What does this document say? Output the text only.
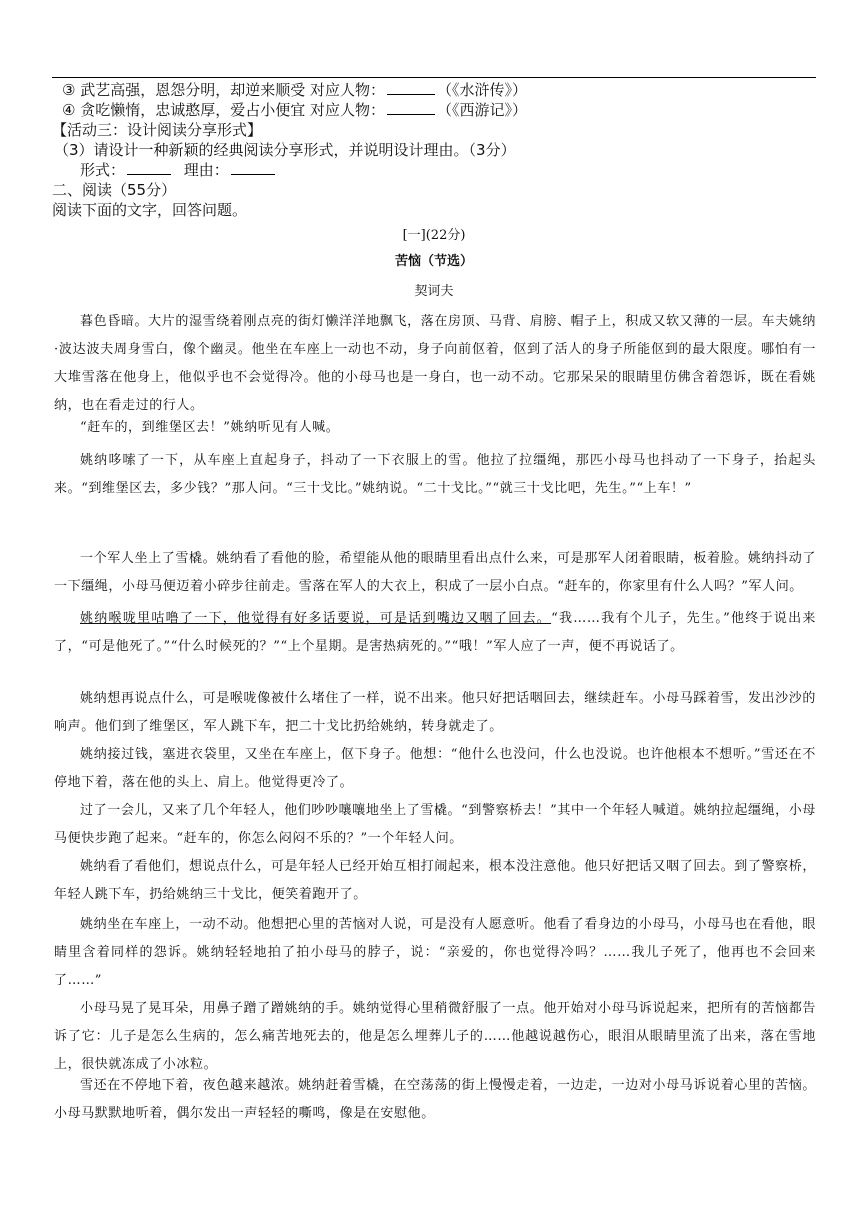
③ 武艺高强，恩怨分明，却逆来顺受 对应人物：	（《水浒传》）
④ 贪吃懒惰，忠诚憨厚，爱占小便宜 对应人物：	（《西游记》）
【活动三：设计阅读分享形式】
（3）请设计一种新颖的经典阅读分享形式，并说明设计理由。（3分）
形式：	理由：
二、阅读（55分）
阅读下面的文字，回答问题。
[一](22分)
苦恼（节选）
契诃夫

暮色昏暗。大片的湿雪绕着刚点亮的街灯懒洋洋地飘飞，落在房顶、马背、肩膀、帽子上，积成又软又薄的一层。车夫姚纳·波达波夫周身雪白，像个幽灵。他坐在车座上一动也不动，身子向前伛着，伛到了活人的身子所能伛到的最大限度。哪怕有一大堆雪落在他身上，他似乎也不会觉得冷。他的小母马也是一身白，也一动不动。它那呆呆的眼睛里仿佛含着怨诉，既在看姚纳，也在看走过的行人。

“赶车的，到维堡区去！”姚纳听见有人喊。

姚纳哆嗦了一下，从车座上直起身子，抖动了一下衣服上的雪。他拉了拉缰绳，那匹小母马也抖动了一下身子，抬起头来。“到维堡区去，多少钱？”那人问。“三十戈比。”姚纳说。“二十戈比。”“就三十戈比吧，先生。”“上车！”

一个军人坐上了雪橇。姚纳看了看他的脸，希望能从他的眼睛里看出点什么来，可是那军人闭着眼睛，板着脸。姚纳抖动了一下缰绳，小母马便迈着小碎步往前走。雪落在军人的大衣上，积成了一层小白点。“赶车的，你家里有什么人吗？”军人问。

姚纳喉咙里咕噜了一下，他觉得有好多话要说，可是话到嘴边又咽了回去。“我……我有个儿子，先生。”他终于说出来了，“可是他死了。”“什么时候死的？”“上个星期。是害热病死的。”“哦！”军人应了一声，便不再说话了。

姚纳想再说点什么，可是喉咙像被什么堵住了一样，说不出来。他只好把话咽回去，继续赶车。小母马踩着雪，发出沙沙的响声。他们到了维堡区，军人跳下车，把二十戈比扔给姚纳，转身就走了。

姚纳接过钱，塞进衣袋里，又坐在车座上，伛下身子。他想：“他什么也没问，什么也没说。也许他根本不想听。”雪还在不停地下着，落在他的头上、肩上。他觉得更冷了。

过了一会儿，又来了几个年轻人，他们吵吵嚷嚷地坐上了雪橇。“到警察桥去！”其中一个年轻人喊道。姚纳拉起缰绳，小母马便快步跑了起来。“赶车的，你怎么闷闷不乐的？”一个年轻人问。

姚纳看了看他们，想说点什么，可是年轻人已经开始互相打闹起来，根本没注意他。他只好把话又咽了回去。到了警察桥，年轻人跳下车，扔给姚纳三十戈比，便笑着跑开了。

姚纳坐在车座上，一动不动。他想把心里的苦恼对人说，可是没有人愿意听。他看了看身边的小母马，小母马也在看他，眼睛里含着同样的怨诉。姚纳轻轻地拍了拍小母马的脖子，说：“亲爱的，你也觉得冷吗？……我儿子死了，他再也不会回来了……”

小母马晃了晃耳朵，用鼻子蹭了蹭姚纳的手。姚纳觉得心里稍微舒服了一点。他开始对小母马诉说起来，把所有的苦恼都告诉了它：儿子是怎么生病的，怎么痛苦地死去的，他是怎么埋葬儿子的……他越说越伤心，眼泪从眼睛里流了出来，落在雪地上，很快就冻成了小冰粒。

雪还在不停地下着，夜色越来越浓。姚纳赶着雪橇，在空荡荡的街上慢慢走着，一边走，一边对小母马诉说着心里的苦恼。小母马默默地听着，偶尔发出一声轻轻的嘶鸣，像是在安慰他。
